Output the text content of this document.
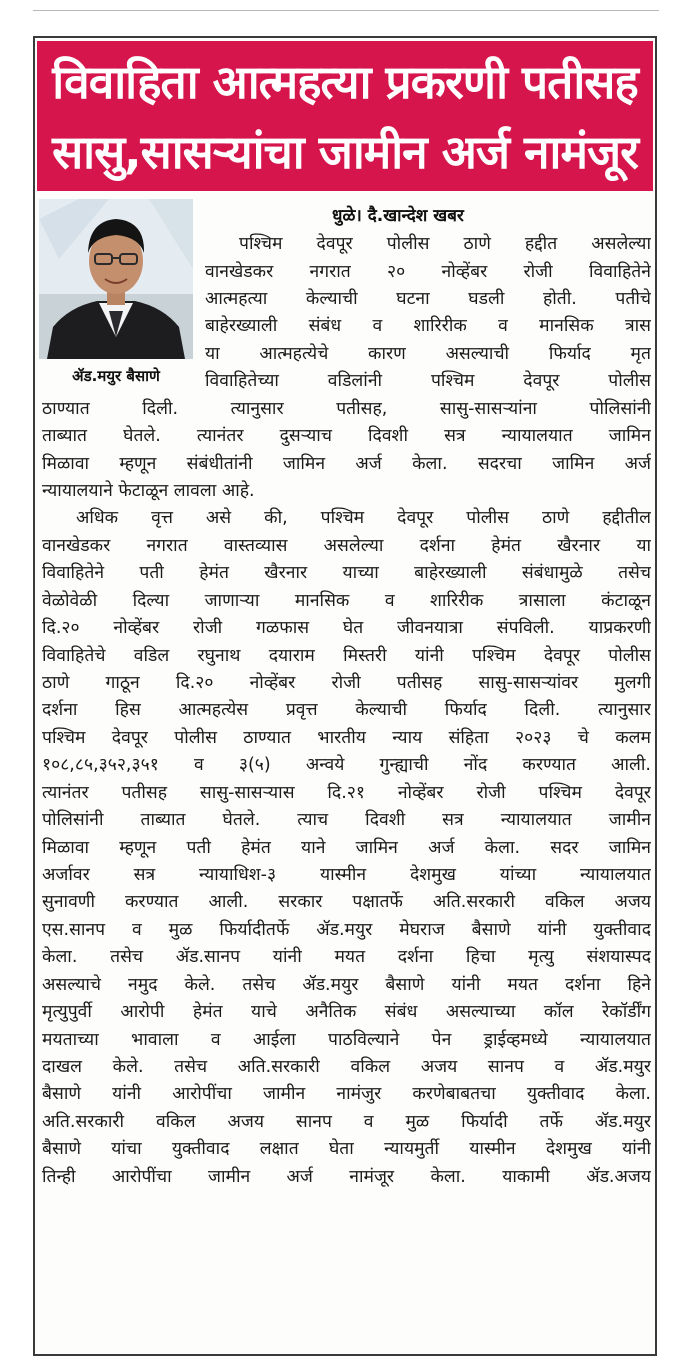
विवाहिता आत्महत्या प्रकरणी पतीसह
सासु,सासऱ्यांचा जामीन अर्ज नामंजूर
ॲड.मयुर बैसाणे
धुळे। दै.खान्देश खबर
पश्चिम देवपूर पोलीस ठाणे हद्दीत असलेल्या
वानखेडकर नगरात २० नोव्हेंबर रोजी विवाहितेने
आत्महत्या केल्याची घटना घडली होती. पतीचे
बाहेरख्याली संबंध व शारिरीक व मानसिक त्रास
या आत्महत्येचे कारण असल्याची फिर्याद मृत
विवाहितेच्या वडिलांनी पश्चिम देवपूर पोलीस
ठाण्यात दिली. त्यानुसार पतीसह, सासु-सासऱ्यांना पोलिसांनी
ताब्यात घेतले. त्यानंतर दुसऱ्याच दिवशी सत्र न्यायालयात जामिन
मिळावा म्हणून संबंधीतांनी जामिन अर्ज केला. सदरचा जामिन अर्ज
न्यायालयाने फेटाळून लावला आहे.
अधिक वृत्त असे की, पश्चिम देवपूर पोलीस ठाणे हद्दीतील
वानखेडकर नगरात वास्तव्यास असलेल्या दर्शना हेमंत खैरनार या
विवाहितेने पती हेमंत खैरनार याच्या बाहेरख्याली संबंधामुळे तसेच
वेळोवेळी दिल्या जाणाऱ्या मानसिक व शारिरीक त्रासाला कंटाळून
दि.२० नोव्हेंबर रोजी गळफास घेत जीवनयात्रा संपविली. याप्रकरणी
विवाहितेचे वडिल रघुनाथ दयाराम मिस्तरी यांनी पश्चिम देवपूर पोलीस
ठाणे गाठून दि.२० नोव्हेंबर रोजी पतीसह सासु-सासऱ्यांवर मुलगी
दर्शना हिस आत्महत्येस प्रवृत्त केल्याची फिर्याद दिली. त्यानुसार
पश्चिम देवपूर पोलीस ठाण्यात भारतीय न्याय संहिता २०२३ चे कलम
१०८,८५,३५२,३५१ व ३(५) अन्वये गुन्ह्याची नोंद करण्यात आली.
त्यानंतर पतीसह सासु-सासऱ्यास दि.२१ नोव्हेंबर रोजी पश्चिम देवपूर
पोलिसांनी ताब्यात घेतले. त्याच दिवशी सत्र न्यायालयात जामीन
मिळावा म्हणून पती हेमंत याने जामिन अर्ज केला. सदर जामिन
अर्जावर सत्र न्यायाधिश-३ यास्मीन देशमुख यांच्या न्यायालयात
सुनावणी करण्यात आली. सरकार पक्षातर्फे अति.सरकारी वकिल अजय
एस.सानप व मुळ फिर्यादीतर्फे ॲड.मयुर मेघराज बैसाणे यांनी युक्तीवाद
केला. तसेच ॲड.सानप यांनी मयत दर्शना हिचा मृत्यु संशयास्पद
असल्याचे नमुद केले. तसेच ॲड.मयुर बैसाणे यांनी मयत दर्शना हिने
मृत्युपुर्वी आरोपी हेमंत याचे अनैतिक संबंध असल्याच्या कॉल रेकॉर्डींग
मयताच्या भावाला व आईला पाठविल्याने पेन ड्राईव्हमध्ये न्यायालयात
दाखल केले. तसेच अति.सरकारी वकिल अजय सानप व ॲड.मयुर
बैसाणे यांनी आरोपींचा जामीन नामंजुर करणेबाबतचा युक्तीवाद केला.
अति.सरकारी वकिल अजय सानप व मुळ फिर्यादी तर्फे ॲड.मयुर
बैसाणे यांचा युक्तीवाद लक्षात घेता न्यायमुर्ती यास्मीन देशमुख यांनी
तिन्ही आरोपींचा जामीन अर्ज नामंजूर केला. याकामी ॲड.अजय
